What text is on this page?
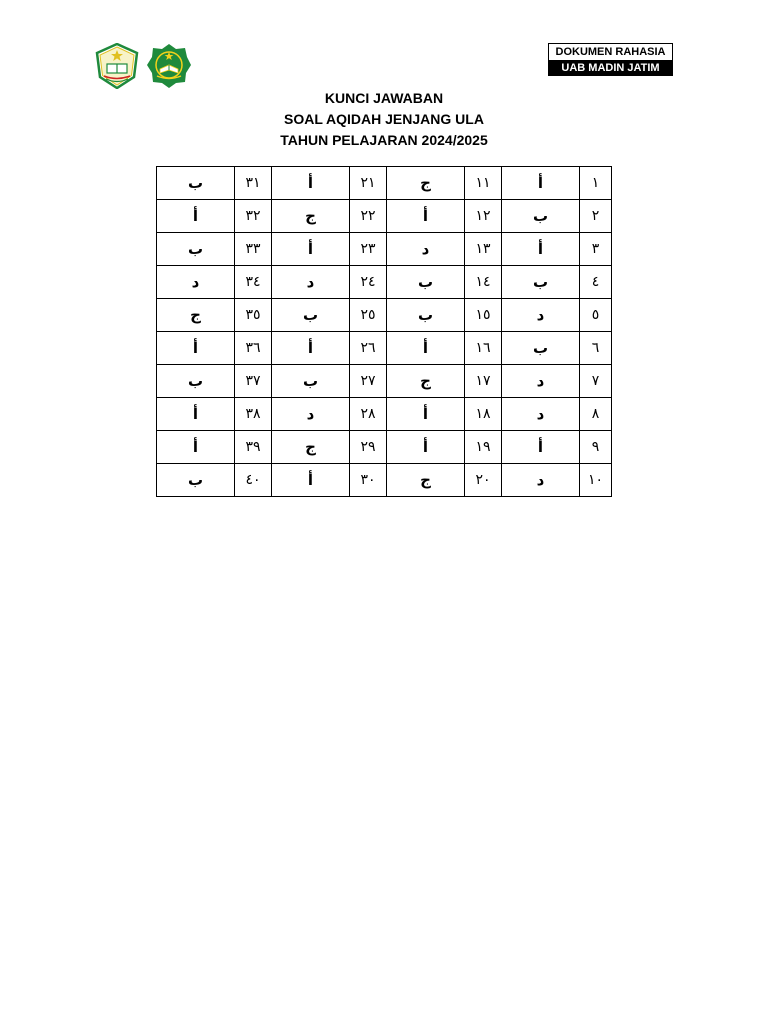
DOKUMEN RAHASIA
UAB MADIN JATIM
KUNCI JAWABAN
SOAL AQIDAH JENJANG ULA
TAHUN PELAJARAN 2024/2025
ب	٣١	أ	٢١	ج	١١	أ	١
أ	٣٢	ج	٢٢	أ	١٢	ب	٢
ب	٣٣	أ	٢٣	د	١٣	أ	٣
د	٣٤	د	٢٤	ب	١٤	ب	٤
ج	٣٥	ب	٢٥	ب	١٥	د	٥
أ	٣٦	أ	٢٦	أ	١٦	ب	٦
ب	٣٧	ب	٢٧	ج	١٧	د	٧
أ	٣٨	د	٢٨	أ	١٨	د	٨
أ	٣٩	ج	٢٩	أ	١٩	أ	٩
ب	٤٠	أ	٣٠	ج	٢٠	د	١٠
